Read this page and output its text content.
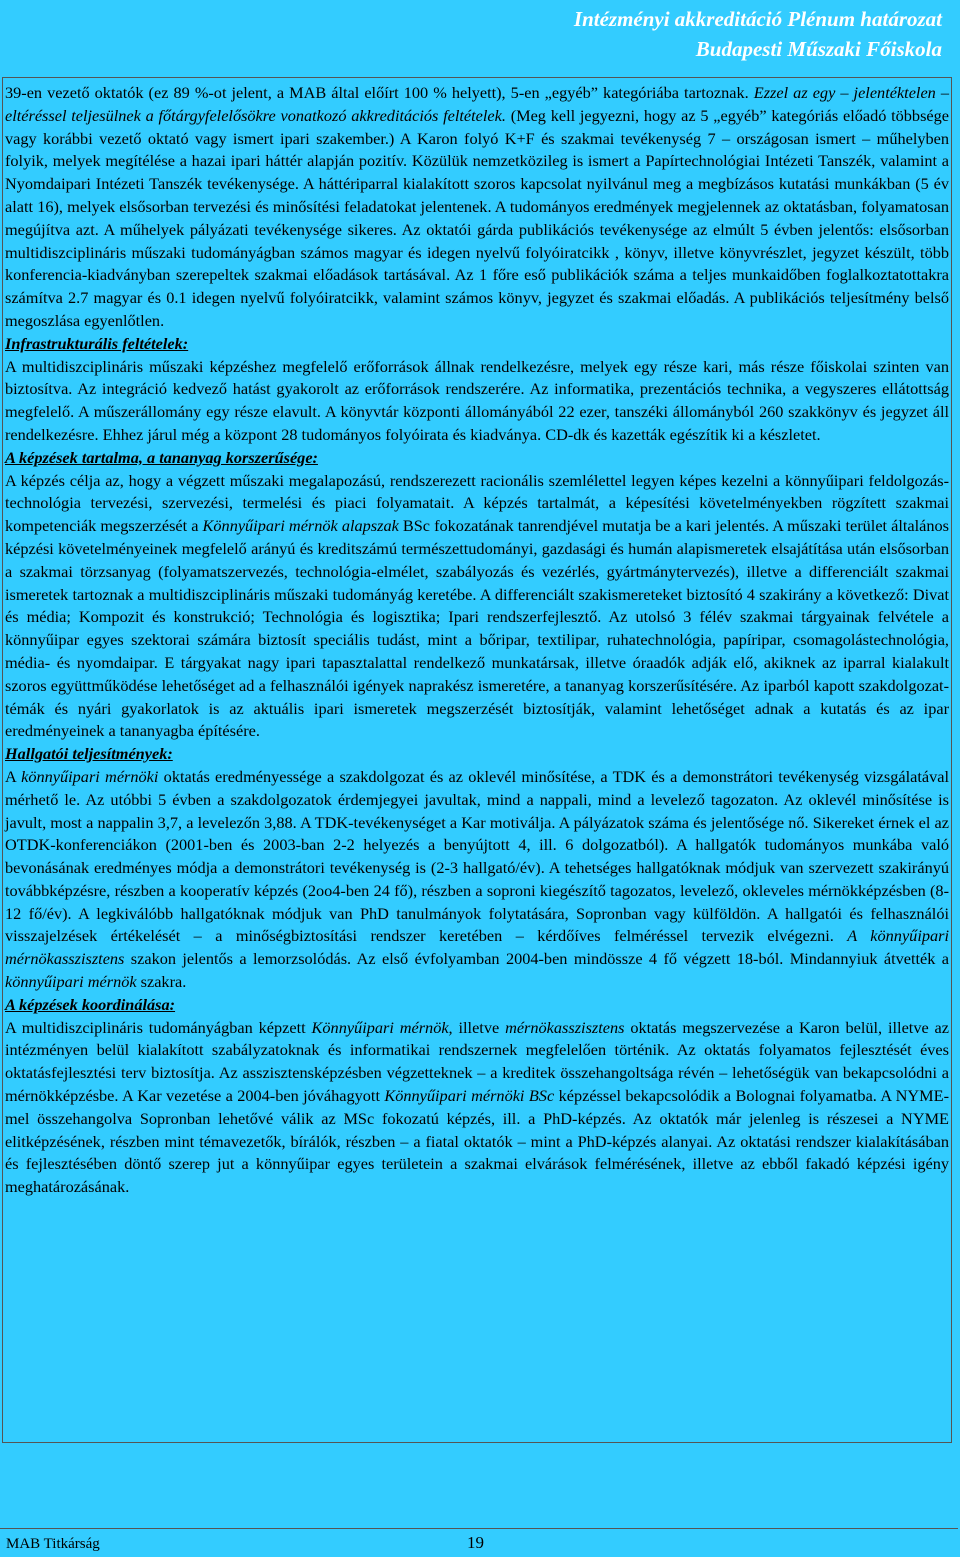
Intézményi akkreditáció Plénum határozat
Budapesti Műszaki Főiskola

39-en vezető oktatók (ez 89 %-ot jelent, a MAB által előírt 100 % helyett), 5-en „egyéb” kategóriába tartoznak. Ezzel az egy – jelentéktelen – eltéréssel teljesülnek a főtárgyfelelősökre vonatkozó akkreditációs feltételek. (Meg kell jegyezni, hogy az 5 „egyéb” kategóriás előadó többsége vagy korábbi vezető oktató vagy ismert ipari szakember.) A Karon folyó K+F és szakmai tevékenység 7 – országosan ismert – műhelyben folyik, melyek megítélése a hazai ipari háttér alapján pozitív. Közülük nemzetközileg is ismert a Papírtechnológiai Intézeti Tanszék, valamint a Nyomdaipari Intézeti Tanszék tevékenysége. A háttériparral kialakított szoros kapcsolat nyilvánul meg a megbízásos kutatási munkákban (5 év alatt 16), melyek elsősorban tervezési és minősítési feladatokat jelentenek. A tudományos eredmények megjelennek az oktatásban, folyamatosan megújítva azt. A műhelyek pályázati tevékenysége sikeres. Az oktatói gárda publikációs tevékenysége az elmúlt 5 évben jelentős: elsősorban multidiszciplináris műszaki tudományágban számos magyar és idegen nyelvű folyóiratcikk , könyv, illetve könyvrészlet, jegyzet készült, több konferencia-kiadványban szerepeltek szakmai előadások tartásával. Az 1 főre eső publikációk száma a teljes munkaidőben foglalkoztatottakra számítva 2.7 magyar és 0.1 idegen nyelvű folyóiratcikk, valamint számos könyv, jegyzet és szakmai előadás. A publikációs teljesítmény belső megoszlása egyenlőtlen.

Infrastrukturális feltételek:

A multidiszciplináris műszaki képzéshez megfelelő erőforrások állnak rendelkezésre, melyek egy része kari, más része főiskolai szinten van biztosítva. Az integráció kedvező hatást gyakorolt az erőforrások rendszerére. Az informatika, prezentációs technika, a vegyszeres ellátottság megfelelő. A műszerállomány egy része elavult. A könyvtár központi állományából 22 ezer, tanszéki állományból 260 szakkönyv és jegyzet áll rendelkezésre. Ehhez járul még a központ 28 tudományos folyóirata és kiadványa. CD-dk és kazetták egészítik ki a készletet.

A képzések tartalma, a tananyag korszerűsége:

A képzés célja az, hogy a végzett műszaki megalapozású, rendszerezett racionális szemlélettel legyen képes kezelni a könnyűipari feldolgozás-technológia tervezési, szervezési, termelési és piaci folyamatait. A képzés tartalmát, a képesítési követelményekben rögzített szakmai kompetenciák megszerzését a Könnyűipari mérnök alapszak BSc fokozatának tanrendjével mutatja be a kari jelentés. A műszaki terület általános képzési követelményeinek megfelelő arányú és kreditszámú természettudományi, gazdasági és humán alapismeretek elsajátítása után elsősorban a szakmai törzsanyag (folyamatszervezés, technológia-elmélet, szabályozás és vezérlés, gyártmánytervezés), illetve a differenciált szakmai ismeretek tartoznak a multidiszciplináris műszaki tudományág keretébe. A differenciált szakismereteket biztosító 4 szakirány a következő: Divat és média; Kompozit és konstrukció; Technológia és logisztika; Ipari rendszerfejlesztő. Az utolsó 3 félév szakmai tárgyainak felvétele a könnyűipar egyes szektorai számára biztosít speciális tudást, mint a bőripar, textilipar, ruhatechnológia, papíripar, csomagolástechnológia, média- és nyomdaipar. E tárgyakat nagy ipari tapasztalattal rendelkező munkatársak, illetve óraadók adják elő, akiknek az iparral kialakult szoros együttműködése lehetőséget ad a felhasználói igények naprakész ismeretére, a tananyag korszerűsítésére. Az iparból kapott szakdolgozat-témák és nyári gyakorlatok is az aktuális ipari ismeretek megszerzését biztosítják, valamint lehetőséget adnak a kutatás és az ipar eredményeinek a tananyagba építésére.

Hallgatói teljesítmények:

A könnyűipari mérnöki oktatás eredményessége a szakdolgozat és az oklevél minősítése, a TDK és a demonstrátori tevékenység vizsgálatával mérhető le. Az utóbbi 5 évben a szakdolgozatok érdemjegyei javultak, mind a nappali, mind a levelező tagozaton. Az oklevél minősítése is javult, most a nappalin 3,7, a levelezőn 3,88. A TDK-tevékenységet a Kar motiválja. A pályázatok száma és jelentősége nő. Sikereket érnek el az OTDK-konferenciákon (2001-ben és 2003-ban 2-2 helyezés a benyújtott 4, ill. 6 dolgozatból). A hallgatók tudományos munkába való bevonásának eredményes módja a demonstrátori tevékenység is (2-3 hallgató/év). A tehetséges hallgatóknak módjuk van szervezett szakirányú továbbképzésre, részben a kooperatív képzés (2oo4-ben 24 fő), részben a soproni kiegészítő tagozatos, levelező, okleveles mérnökképzésben (8-12 fő/év). A legkiválóbb hallgatóknak módjuk van PhD tanulmányok folytatására, Sopronban vagy külföldön. A hallgatói és felhasználói visszajelzések értékelését – a minőségbiztosítási rendszer keretében – kérdőíves felméréssel tervezik elvégezni. A könnyűipari mérnökasszisztens szakon jelentős a lemorzsolódás. Az első évfolyamban 2004-ben mindössze 4 fő végzett 18-ból. Mindannyiuk átvették a könnyűipari mérnök szakra.

A képzések koordinálása:

A multidiszciplináris tudományágban képzett Könnyűipari mérnök, illetve mérnökasszisztens oktatás megszervezése a Karon belül, illetve az intézményen belül kialakított szabályzatoknak és informatikai rendszernek megfelelően történik. Az oktatás folyamatos fejlesztését éves oktatásfejlesztési terv biztosítja. Az asszisztensképzésben végzetteknek – a kreditek összehangoltsága révén – lehetőségük van bekapcsolódni a mérnökképzésbe. A Kar vezetése a 2004-ben jóváhagyott Könnyűipari mérnöki BSc képzéssel bekapcsolódik a Bolognai folyamatba. A NYME-mel összehangolva Sopronban lehetővé válik az MSc fokozatú képzés, ill. a PhD-képzés. Az oktatók már jelenleg is részesei a NYME elitképzésének, részben mint témavezetők, bírálók, részben – a fiatal oktatók – mint a PhD-képzés alanyai. Az oktatási rendszer kialakításában és fejlesztésében döntő szerep jut a könnyűipar egyes területein a szakmai elvárások felmérésének, illetve az ebből fakadó képzési igény meghatározásának.

MAB Titkárság	19
